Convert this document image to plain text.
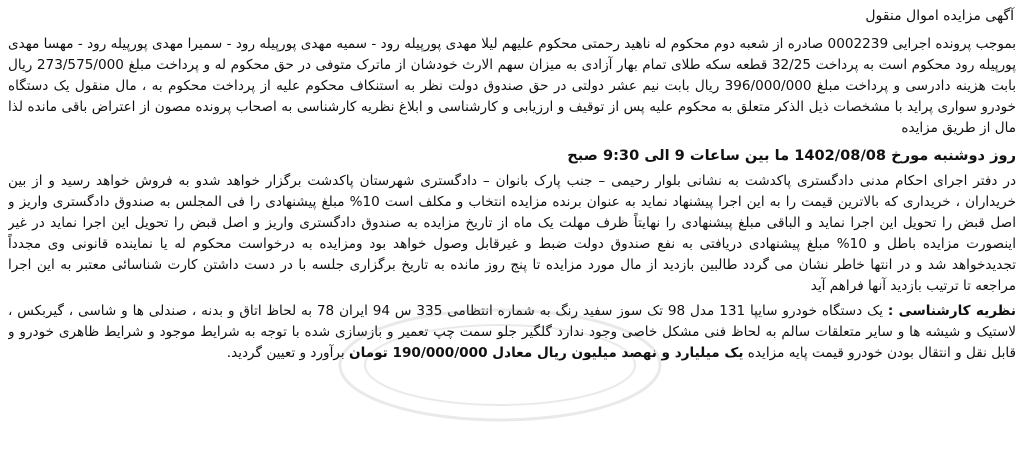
آگهی مزایده اموال منقول

بموجب پرونده اجرایی 0002239 صادره از شعبه دوم محکوم له ناهید رحمتی محکوم علیهم لیلا مهدی پورپیله رود - سمیه مهدی پورپیله رود - سمیرا مهدی پورپیله رود - مهسا مهدی پورپیله رود محکوم است به پرداخت 32/25 قطعه سکه طلای تمام بهار آزادی به میزان سهم الارث خودشان از ماترک متوفی در حق محکوم له و پرداخت مبلغ 273/575/000 ریال بابت هزینه دادرسی و پرداخت مبلغ 396/000/000 ریال بابت نیم عشر دولتی در حق صندوق دولت نظر به استنکاف محکوم علیه از پرداخت محکوم به ، مال منقول یک دستگاه خودرو سواری پراید با مشخصات ذیل الذکر متعلق به محکوم علیه پس از توقیف و ارزیابی و کارشناسی و ابلاغ نظریه کارشناسی به اصحاب پرونده مصون از اعتراض باقی مانده لذا مال از طریق مزایده

روز دوشنبه مورخ 1402/08/08 ما بین ساعات 9 الی 9:30 صبح

در دفتر اجرای احکام مدنی دادگستری پاکدشت به نشانی بلوار رحیمی – جنب پارک بانوان – دادگستری شهرستان پاکدشت برگزار خواهد شدو به فروش خواهد رسید و از بین خریداران ، خریداری که بالاترین قیمت را به این اجرا پیشنهاد نماید به عنوان برنده مزایده انتخاب و مکلف است 10% مبلغ پیشنهادی را فی المجلس به صندوق دادگستری واریز و اصل قبض را تحویل این اجرا نماید و الباقی مبلغ پیشنهادی را نهایتاً ظرف مهلت یک ماه از تاریخ مزایده به صندوق دادگستری واریز و اصل قبض را تحویل این اجرا نماید در غیر اینصورت مزایده باطل و 10% مبلغ پیشنهادی دریافتی به نفع صندوق دولت ضبط و غیرقابل وصول خواهد بود ومزایده به درخواست محکوم له یا نماینده قانونی وی مجدداً تجدیدخواهد شد و در انتها خاطر نشان می گردد طالبین بازدید از مال مورد مزایده تا پنج روز مانده به تاریخ برگزاری جلسه با در دست داشتن کارت شناسائی معتبر به این اجرا مراجعه تا ترتیب بازدید آنها فراهم آید

نظریه کارشناسی : یک دستگاه خودرو سایپا 131 مدل 98 تک سوز سفید رنگ به شماره انتظامی 335 س 94 ایران 78 به لحاظ اتاق و بدنه ، صندلی ها و شاسی ، گیربکس ، لاستیک و شیشه ها و سایر متعلقات سالم به لحاظ فنی مشکل خاصی وجود ندارد گلگیر جلو سمت چپ تعمیر و بازسازی شده با توجه به شرایط موجود و شرایط ظاهری خودرو و قابل نقل و انتقال بودن خودرو قیمت پایه مزایده یک میلیارد و نهصد میلیون ریال معادل 190/000/000 تومان برآورد و تعیین گردید.
